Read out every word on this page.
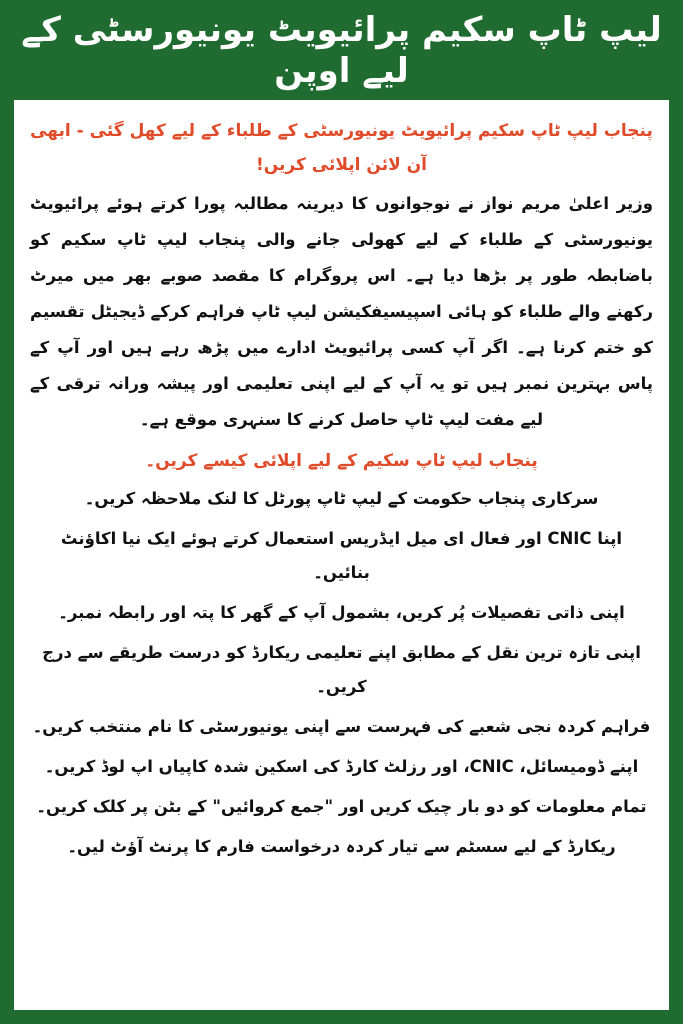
لیپ ٹاپ سکیم پرائیویٹ یونیورسٹی کے لیے اوپن

پنجاب لیپ ٹاپ سکیم پرائیویٹ یونیورسٹی کے طلباء کے لیے کھل گئی - ابھی آن لائن اپلائی کریں!

وزیر اعلیٰ مریم نواز نے نوجوانوں کا دیرینہ مطالبہ پورا کرتے ہوئے پرائیویٹ یونیورسٹی کے طلباء کے لیے کھولی جانے والی پنجاب لیپ ٹاپ سکیم کو باضابطہ طور پر بڑھا دیا ہے۔ اس پروگرام کا مقصد صوبے بھر میں میرٹ رکھنے والے طلباء کو ہائی اسپیسیفکیشن لیپ ٹاپ فراہم کرکے ڈیجیٹل تقسیم کو ختم کرنا ہے۔ اگر آپ کسی پرائیویٹ ادارے میں پڑھ رہے ہیں اور آپ کے پاس بہترین نمبر ہیں تو یہ آپ کے لیے اپنی تعلیمی اور پیشہ ورانہ ترقی کے لیے مفت لیپ ٹاپ حاصل کرنے کا سنہری موقع ہے۔

پنجاب لیپ ٹاپ سکیم کے لیے اپلائی کیسے کریں۔

سرکاری پنجاب حکومت کے لیپ ٹاپ پورٹل کا لنک ملاحظہ کریں۔
اپنا CNIC اور فعال ای میل ایڈریس استعمال کرتے ہوئے ایک نیا اکاؤنٹ بنائیں۔
اپنی ذاتی تفصیلات پُر کریں، بشمول آپ کے گھر کا پتہ اور رابطہ نمبر۔
اپنی تازہ ترین نقل کے مطابق اپنے تعلیمی ریکارڈ کو درست طریقے سے درج کریں۔
فراہم کردہ نجی شعبے کی فہرست سے اپنی یونیورسٹی کا نام منتخب کریں۔
اپنے ڈومیسائل، CNIC، اور رزلٹ کارڈ کی اسکین شدہ کاپیاں اپ لوڈ کریں۔
تمام معلومات کو دو بار چیک کریں اور "جمع کروائیں" کے بٹن پر کلک کریں۔
ریکارڈ کے لیے سسٹم سے تیار کردہ درخواست فارم کا پرنٹ آؤٹ لیں۔
